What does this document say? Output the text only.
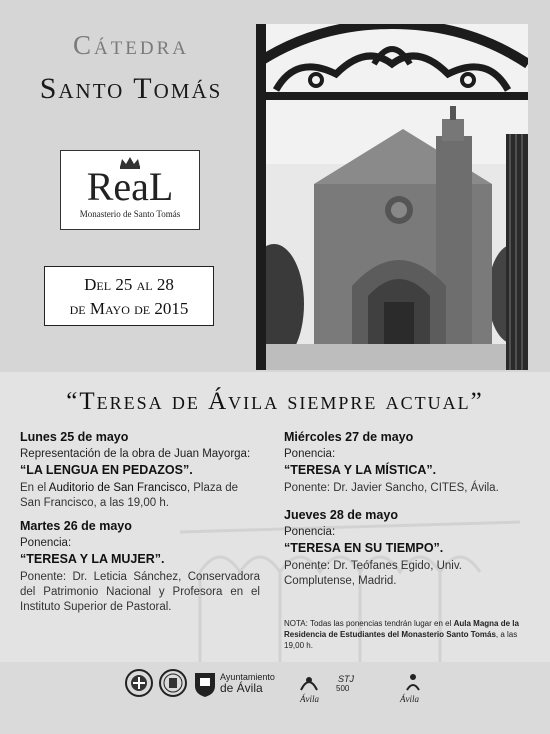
Cátedra
Santo Tomás
ReaL
Monasterio de Santo Tomás
Del 25 al 28
de Mayo de 2015
“Teresa de Ávila siempre actual”
Lunes 25 de mayo
Representación de la obra de Juan Mayorga:
“LA LENGUA EN PEDAZOS”.
En el Auditorio de San Francisco, Plaza de San Francisco, a las 19,00 h.
Martes 26 de mayo
Ponencia:
“TERESA Y LA MUJER”.
Ponente: Dr. Leticia Sánchez, Conservadora del Patrimonio Nacional y Profesora en el Instituto Superior de Pastoral.
Miércoles 27 de mayo
Ponencia:
“TERESA Y LA MÍSTICA”.
Ponente: Dr. Javier Sancho, CITES, Ávila.
Jueves 28 de mayo
Ponencia:
“TERESA EN SU TIEMPO”.
Ponente: Dr. Teófanes Egido, Univ. Complutense, Madrid.
NOTA: Todas las ponencias tendrán lugar en el Aula Magna de la Residencia de Estudiantes del Monasterio Santo Tomás, a las 19,00 h.
Ayuntamiento
de Ávila
Ávila
STJ
500
Ávila
